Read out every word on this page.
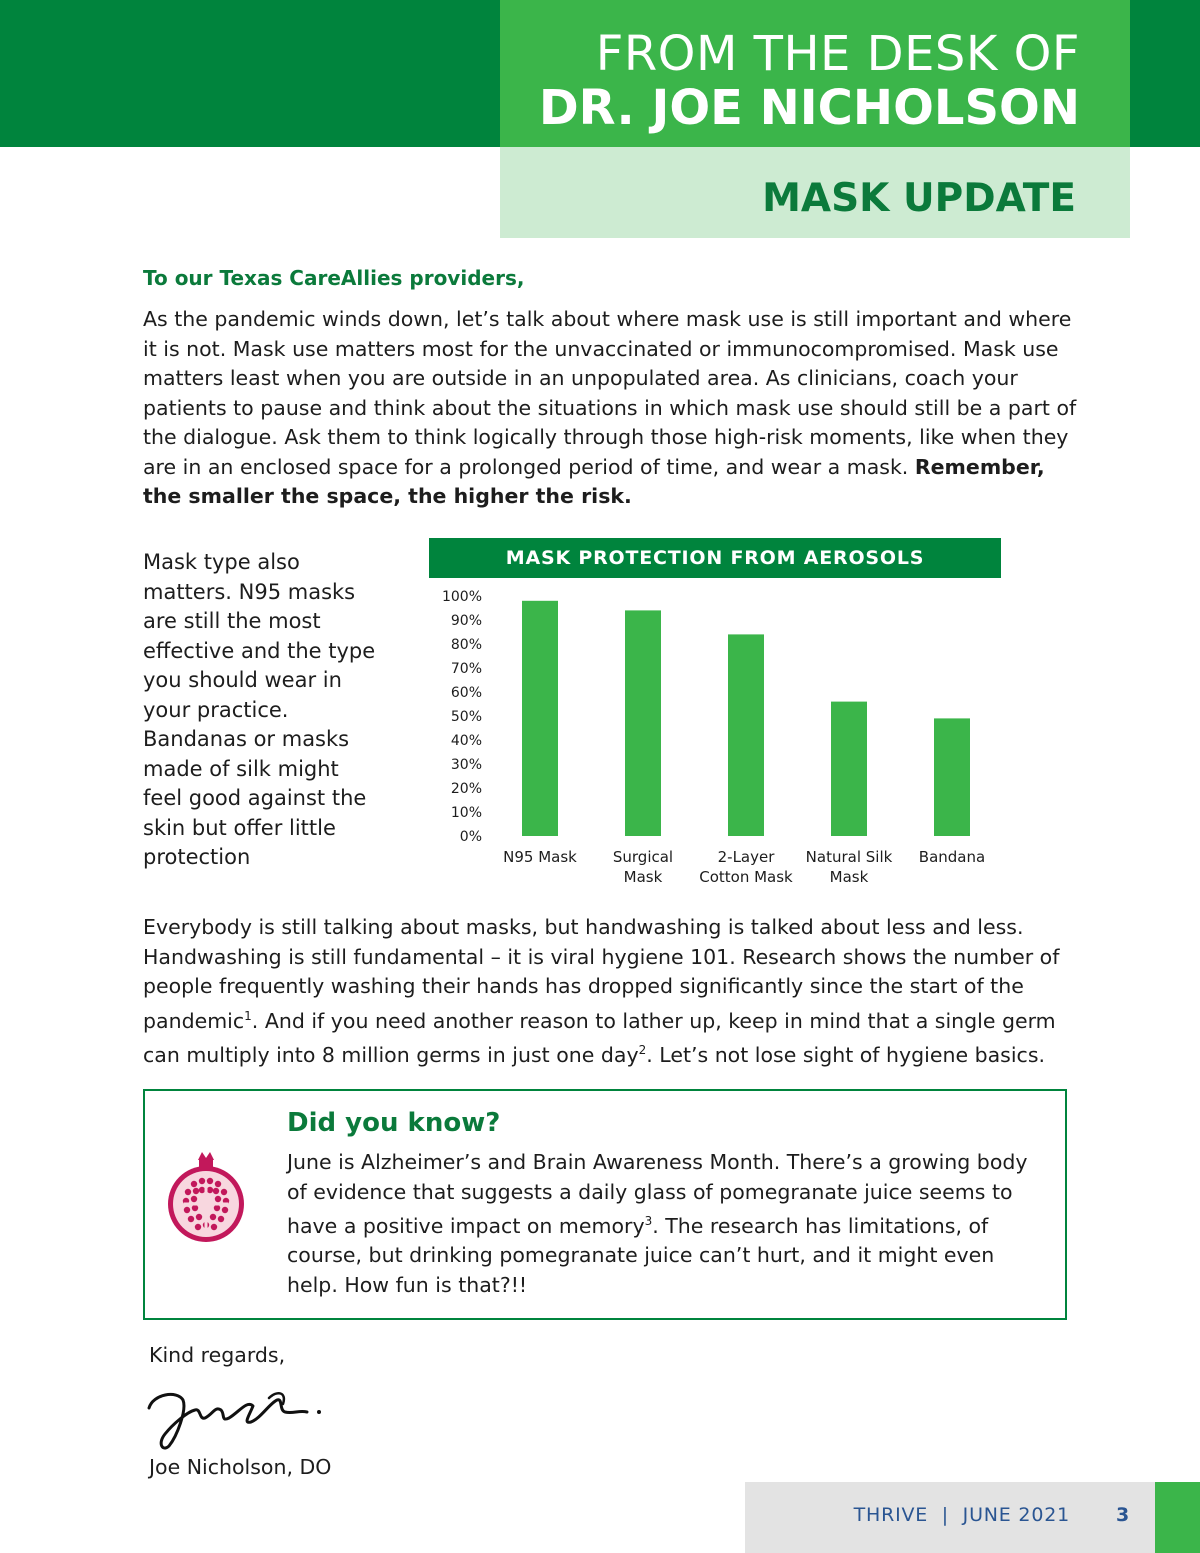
FROM THE DESK OF
DR. JOE NICHOLSON
MASK UPDATE
To our Texas CareAllies providers,
As the pandemic winds down, let’s talk about where mask use is still important and where it is not. Mask use matters most for the unvaccinated or immunocompromised. Mask use matters least when you are outside in an unpopulated area. As clinicians, coach your patients to pause and think about the situations in which mask use should still be a part of the dialogue. Ask them to think logically through those high-risk moments, like when they are in an enclosed space for a prolonged period of time, and wear a mask. Remember, the smaller the space, the higher the risk.
Mask type also matters. N95 masks are still the most effective and the type you should wear in your practice. Bandanas or masks made of silk might feel good against the skin but offer little protection
MASK PROTECTION FROM AEROSOLS
0%
10%
20%
30%
40%
50%
60%
70%
80%
90%
100%
N95 Mask Surgical
Mask
2-Layer
Cotton Mask
Natural Silk
Mask
Bandana
Everybody is still talking about masks, but handwashing is talked about less and less. Handwashing is still fundamental – it is viral hygiene 101. Research shows the number of people frequently washing their hands has dropped significantly since the start of the pandemic$^1$. And if you need another reason to lather up, keep in mind that a single germ can multiply into 8 million germs in just one day$^2$. Let’s not lose sight of hygiene basics.
Did you know?
June is Alzheimer’s and Brain Awareness Month. There’s a growing body of evidence that suggests a daily glass of pomegranate juice seems to have a positive impact on memory$^3$. The research has limitations, of course, but drinking pomegranate juice can’t hurt, and it might even help. How fun is that?!!
Kind regards,
Joe Nicholson, DO
THRIVE  |  JUNE 2021 3
